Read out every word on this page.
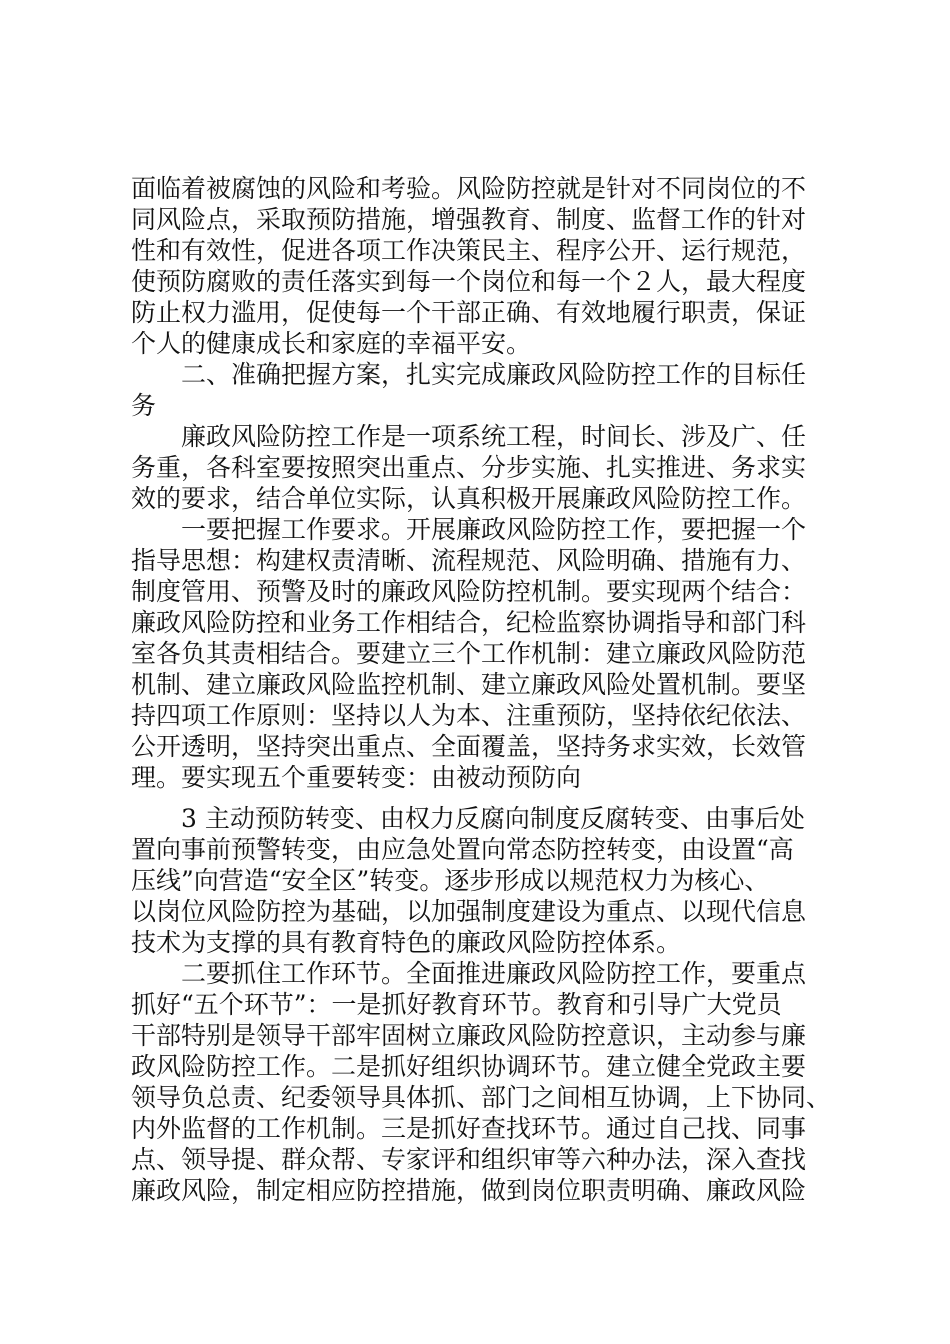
面临着被腐蚀的风险和考验。风险防控就是针对不同岗位的不
同风险点，采取预防措施，增强教育、制度、监督工作的针对
性和有效性，促进各项工作决策民主、程序公开、运行规范，
使预防腐败的责任落实到每一个岗位和每一个２人，最大程度
防止权力滥用，促使每一个干部正确、有效地履行职责，保证
个人的健康成长和家庭的幸福平安。
二、准确把握方案，扎实完成廉政风险防控工作的目标任
务
廉政风险防控工作是一项系统工程，时间长、涉及广、任
务重，各科室要按照突出重点、分步实施、扎实推进、务求实
效的要求，结合单位实际，认真积极开展廉政风险防控工作。
一要把握工作要求。开展廉政风险防控工作，要把握一个
指导思想：构建权责清晰、流程规范、风险明确、措施有力、
制度管用、预警及时的廉政风险防控机制。要实现两个结合：
廉政风险防控和业务工作相结合，纪检监察协调指导和部门科
室各负其责相结合。要建立三个工作机制：建立廉政风险防范
机制、建立廉政风险监控机制、建立廉政风险处置机制。要坚
持四项工作原则：坚持以人为本、注重预防，坚持依纪依法、
公开透明，坚持突出重点、全面覆盖，坚持务求实效，长效管
理。要实现五个重要转变：由被动预防向
3 主动预防转变、由权力反腐向制度反腐转变、由事后处
置向事前预警转变，由应急处置向常态防控转变，由设置“高
压线”向营造“安全区”转变。逐步形成以规范权力为核心、
以岗位风险防控为基础，以加强制度建设为重点、以现代信息
技术为支撑的具有教育特色的廉政风险防控体系。
二要抓住工作环节。全面推进廉政风险防控工作，要重点
抓好“五个环节”：一是抓好教育环节。教育和引导广大党员
干部特别是领导干部牢固树立廉政风险防控意识，主动参与廉
政风险防控工作。二是抓好组织协调环节。建立健全党政主要
领导负总责、纪委领导具体抓、部门之间相互协调，上下协同、
内外监督的工作机制。三是抓好查找环节。通过自己找、同事
点、领导提、群众帮、专家评和组织审等六种办法，深入查找
廉政风险，制定相应防控措施，做到岗位职责明确、廉政风险
